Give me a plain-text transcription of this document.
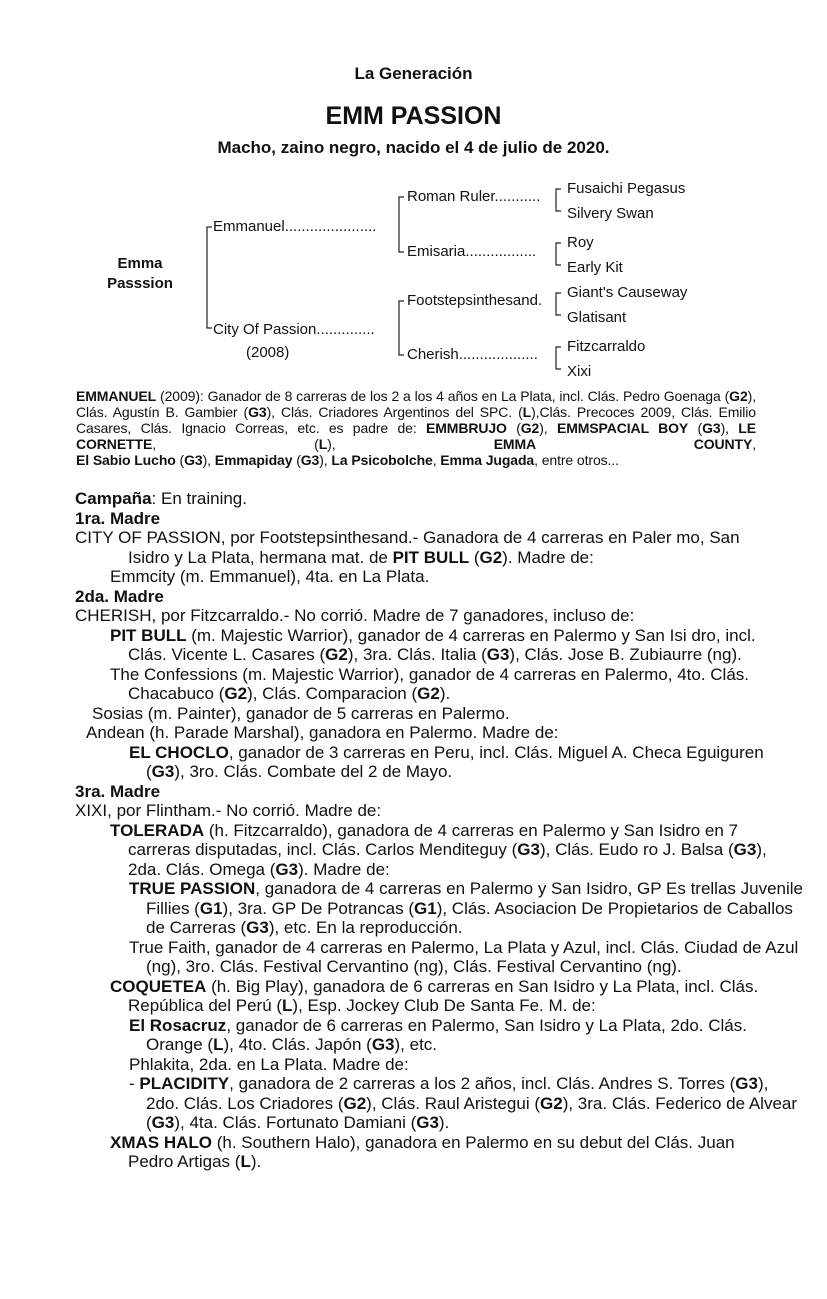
La Generación
EMM PASSION
Macho, zaino negro, nacido el 4 de julio de 2020.
Emma
Passsion
Emmanuel......................
City Of Passion..............
(2008)
Roman Ruler...........
Emisaria.................
Footstepsinthesand.
Cherish...................
Fusaichi Pegasus
Silvery Swan
Roy
Early Kit
Giant's Causeway
Glatisant
Fitzcarraldo
Xixi

EMMANUEL (2009): Ganador de 8 carreras de los 2 a los 4 años en La Plata, incl. Clás. Pedro Goenaga (G2), Clás. Agustín B. Gambier (G3), Clás. Criadores Argentinos del SPC. (L),Clás. Precoces 2009, Clás. Emilio Casares, Clás. Ignacio Correas, etc. es padre de: EMMBRUJO (G2), EMMSPACIAL BOY (G3), LE CORNETTE, (L), EMMA COUNTY,

El Sabio Lucho (G3), Emmapiday (G3), La Psicobolche, Emma Jugada, entre otros...

Campaña: En training.

1ra. Madre

CITY OF PASSION, por Footstepsinthesand.- Ganadora de 4 carreras en Paler mo, San Isidro y La Plata, hermana mat. de PIT BULL (G2). Madre de:

Emmcity (m. Emmanuel), 4ta. en La Plata.

2da. Madre

CHERISH, por Fitzcarraldo.- No corrió. Madre de 7 ganadores, incluso de:

PIT BULL (m. Majestic Warrior), ganador de 4 carreras en Palermo y San Isi dro, incl. Clás. Vicente L. Casares (G2), 3ra. Clás. Italia (G3), Clás. Jose B. Zubiaurre (ng).

The Confessions (m. Majestic Warrior), ganador de 4 carreras en Palermo, 4to. Clás. Chacabuco (G2), Clás. Comparacion (G2).

Sosias (m. Painter), ganador de 5 carreras en Palermo.

Andean (h. Parade Marshal), ganadora en Palermo. Madre de:

EL CHOCLO, ganador de 3 carreras en Peru, incl. Clás. Miguel A. Checa Eguiguren (G3), 3ro. Clás. Combate del 2 de Mayo.

3ra. Madre

XIXI, por Flintham.- No corrió. Madre de:

TOLERADA (h. Fitzcarraldo), ganadora de 4 carreras en Palermo y San Isidro en 7 carreras disputadas, incl. Clás. Carlos Menditeguy (G3), Clás. Eudo ro J. Balsa (G3), 2da. Clás. Omega (G3). Madre de:

TRUE PASSION, ganadora de 4 carreras en Palermo y San Isidro, GP Es trellas Juvenile Fillies (G1), 3ra. GP De Potrancas (G1), Clás. Asociacion De Propietarios de Caballos de Carreras (G3), etc. En la reproducción.

True Faith, ganador de 4 carreras en Palermo, La Plata y Azul, incl. Clás. Ciudad de Azul (ng), 3ro. Clás. Festival Cervantino (ng), Clás. Festival Cervantino (ng).

COQUETEA (h. Big Play), ganadora de 6 carreras en San Isidro y La Plata, incl. Clás. República del Perú (L), Esp. Jockey Club De Santa Fe. M. de:

El Rosacruz, ganador de 6 carreras en Palermo, San Isidro y La Plata, 2do. Clás. Orange (L), 4to. Clás. Japón (G3), etc.

Phlakita, 2da. en La Plata. Madre de:

- PLACIDITY, ganadora de 2 carreras a los 2 años, incl. Clás. Andres S. Torres (G3), 2do. Clás. Los Criadores (G2), Clás. Raul Aristegui (G2), 3ra. Clás. Federico de Alvear (G3), 4ta. Clás. Fortunato Damiani (G3).

XMAS HALO (h. Southern Halo), ganadora en Palermo en su debut del Clás. Juan Pedro Artigas (L).
